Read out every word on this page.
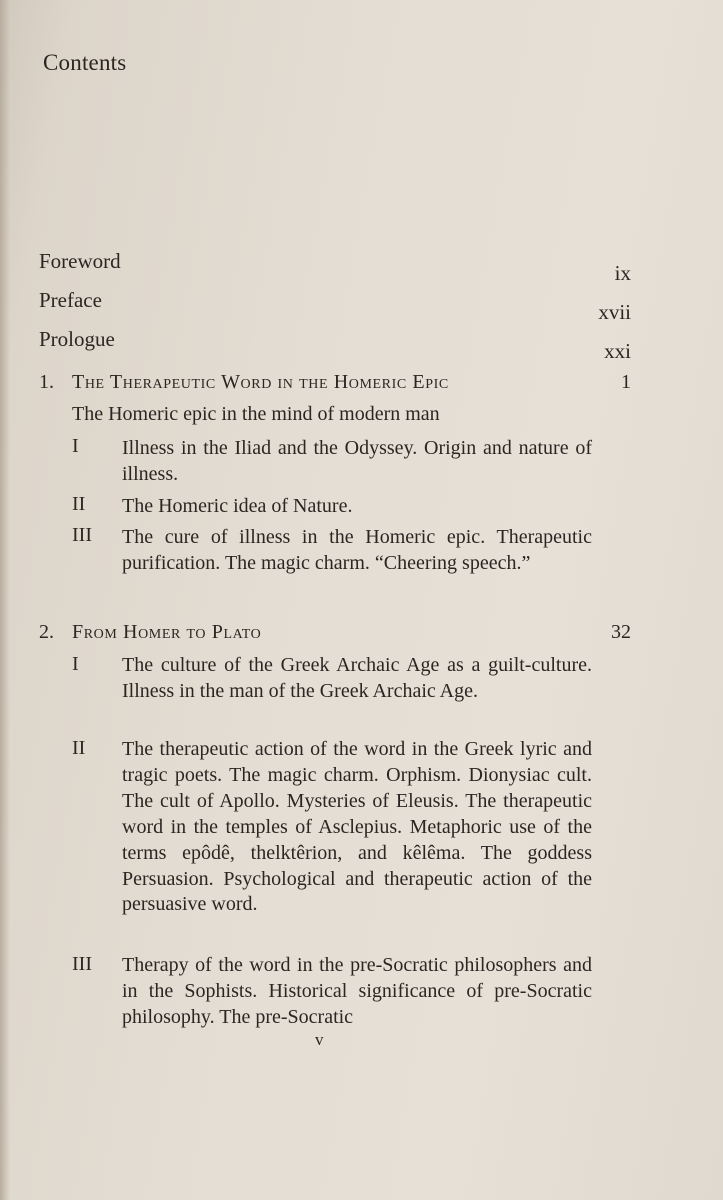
Contents
Foreword	ix
Preface	xvii
Prologue	xxi
1. The Therapeutic Word in the Homeric Epic	1
The Homeric epic in the mind of modern man
I Illness in the Iliad and the Odyssey. Origin and nature of illness.
II The Homeric idea of Nature.
III The cure of illness in the Homeric epic. Therapeutic purification. The magic charm. “Cheering speech.”
2. From Homer to Plato	32
I The culture of the Greek Archaic Age as a guilt-culture. Illness in the man of the Greek Archaic Age.
II The therapeutic action of the word in the Greek lyric and tragic poets. The magic charm. Orphism. Dionysiac cult. The cult of Apollo. Mysteries of Eleusis. The therapeutic word in the temples of Asclepius. Metaphoric use of the terms epôdê, thelktêrion, and kêlêma. The goddess Persuasion. Psychological and therapeutic action of the persuasive word.
III Therapy of the word in the pre-Socratic philosophers and in the Sophists. Historical significance of pre-Socratic philosophy. The pre-Socratic
v
